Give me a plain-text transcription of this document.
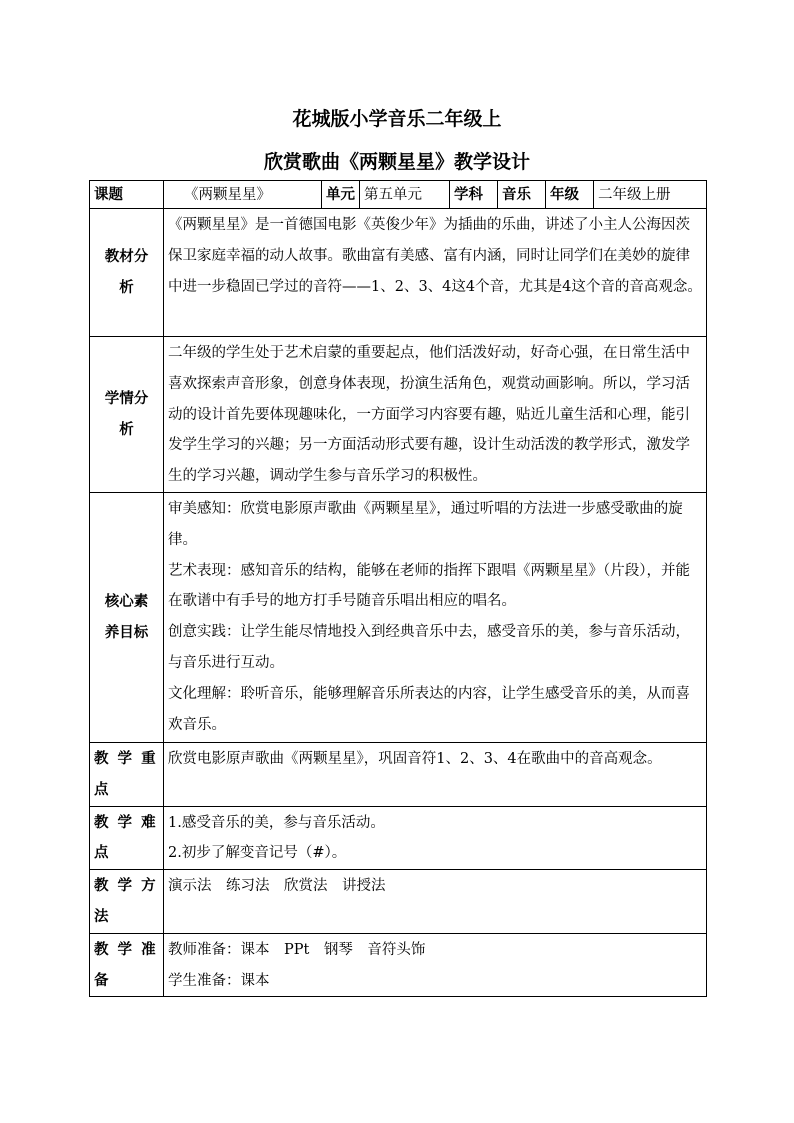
花城版小学音乐二年级上
欣赏歌曲《两颗星星》教学设计
课题	《两颗星星》	单元	第五单元	学科	音乐	年级	二年级上册

教材分
析	《两颗星星》是一首德国电影《英俊少年》为插曲的乐曲，讲述了小主人公海因茨保卫家庭幸福的动人故事。歌曲富有美感、富有内涵，同时让同学们在美妙的旋律中进一步稳固已学过的音符——1、2、3、4这4个音，尤其是4这个音的音高观念。						

学情分
析	二年级的学生处于艺术启蒙的重要起点，他们活泼好动，好奇心强，在日常生活中喜欢探索声音形象，创意身体表现，扮演生活角色，观赏动画影响。所以，学习活动的设计首先要体现趣味化，一方面学习内容要有趣，贴近儿童生活和心理，能引发学生学习的兴趣；另一方面活动形式要有趣，设计生动活泼的教学形式，激发学生的学习兴趣，调动学生参与音乐学习的积极性。						

核心素
养目标	审美感知：欣赏电影原声歌曲《两颗星星》，通过听唱的方法进一步感受歌曲的旋律。
艺术表现：感知音乐的结构，能够在老师的指挥下跟唱《两颗星星》（片段），并能在歌谱中有手号的地方打手号随音乐唱出相应的唱名。
创意实践：让学生能尽情地投入到经典音乐中去，感受音乐的美，参与音乐活动，与音乐进行互动。
文化理解：聆听音乐，能够理解音乐所表达的内容，让学生感受音乐的美，从而喜欢音乐。						

教 学 重
点	欣赏电影原声歌曲《两颗星星》，巩固音符1、2、3、4在歌曲中的音高观念。						

教 学 难
点	1.感受音乐的美，参与音乐活动。
2.初步了解变音记号（#）。						

教 学 方
法	演示法　练习法　欣赏法　讲授法						

教 学 准
备	教师准备：课本　PPt　钢琴　音符头饰
学生准备：课本						
